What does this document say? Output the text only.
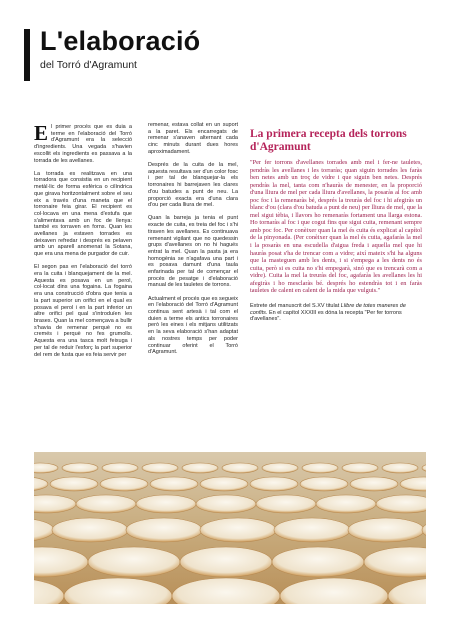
L'elaboració
del Torró d'Agramunt

El primer procés que es duia a terme en l'elaboració del Torró d'Agramunt era la selecció d'ingredients. Una vegada s'havien escollit els ingredients es passava a la torrada de les avellanes.

La torrada es realitzava en una torradora que consistia en un recipient metàl·lic de forma esfèrica o cilíndrica que girava horitzontalment sobre el seu eix a través d'una maneta que el torronaire feia girar. El recipient es col·locava en una mena d'estufa que s'alimentava amb un foc de llenya: també es torraven en forns. Quan les avellanes ja estaven torrades es deixaven refredar i després es pelaven amb un aparell anomenat la Sotana, que era una mena de purgador de cuir.

El segon pas en l'elaboració del torró era la cuita i blanquejament de la mel. Aquesta es posava en un perol, col·locat dins una fogaina. La fogaina era una construcció d'obra que tenia a la part superior un orifici en el qual es posava el perol i en la part inferior un altre orifici pel qual s'introduïen les brases. Quan la mel començava a bullir s'havia de remenar perquè no es cremés i perquè no fes grumolls. Aquesta era una tasca molt feixuga i per tal de reduir l'esforç la part superior del rem de fusta que es feia servir per

remenar, estava collat en un suport a la paret. Els encarregats de remenar s'anaven alternant cada cinc minuts durant dues hores aproximadament.

Després de la cuita de la mel, aquesta resultava ser d'un color fosc i per tal de blanquejar-la els torronaires hi barrejaven les clares d'ou batudes a punt de neu. La proporció exacta era d'una clara d'ou per cada lliura de mel.

Quan la barreja ja tenia el punt exacte de cuita, es treia del foc i s'hi tiraven les avellanes. Es continuava remenant vigilant que no quedessin grups d'avellanes on no hi hagués entrat la mel. Quan la pasta ja era homogènia se n'agafava una part i es posava damunt d'una taula enfarinada per tal de començar el procés de pesatge i d'elaboració manual de les tauletes de torrons.

Actualment el procés que es segueix en l'elaboració del Torró d'Agramunt continua sent artesà i tal com el duien a terme els antics torronaires però les eines i els mitjans utilitzats en la seva elaboració s'han adaptat als nostres temps per poder continuar oferint el Torró d'Agramunt.

La primera recepta dels torrons d'Agramunt

"Per fer torrons d'avellanes torrades amb mel i fer-ne tauletes, pendràs les avellanes i les torraràs; quan siguin torrades les faràs ben netes amb un troç de vidre i que siguin ben netes. Després pendràs la mel, tanta com n'hauràs de menester, en la proporció d'una lliura de mel per cada lliura d'avellanes, la posaràs al foc amb poc foc i la remenaràs bé, després la treuràs del foc i hi afegiràs un blanc d'ou (clara d'ou batuda a punt de neu) per lliura de mel, que la mel sigui tèbia, i llavors ho remenaràs fortament una llarga estona. Ho tornaràs al foc i que cogui fins que sigui cuita, remenant sempre amb poc foc. Per conèixer quan la mel és cuita és explicat al capítol de la pinyonada. (Per conèixer quan la mel és cuita, agafaràs la mel i la posaràs en una escudella d'aigua freda i aquella mel que hi hauràs posat s'ha de trencar com a vidre; així mateix s'hi ha alguns que la masteguen amb les dents, i si s'empega a les dents no és cuita, però si es cuita no s'hi empegarà, sinó que es trencarà com a vidre). Cuita la mel la treuràs del foc, agafaràs les avellanes les hi afegiràs i ho mesclaràs bé. després ho estendràs tot i en faràs tauletes de calent en calent de la mida que vulguis."

Extrete del manuscrit del S.XV titulat Llibre de totes maneres de confits. En el capítol XXXIII es dóna la recepta "Per fer torrons d'avellanes".
